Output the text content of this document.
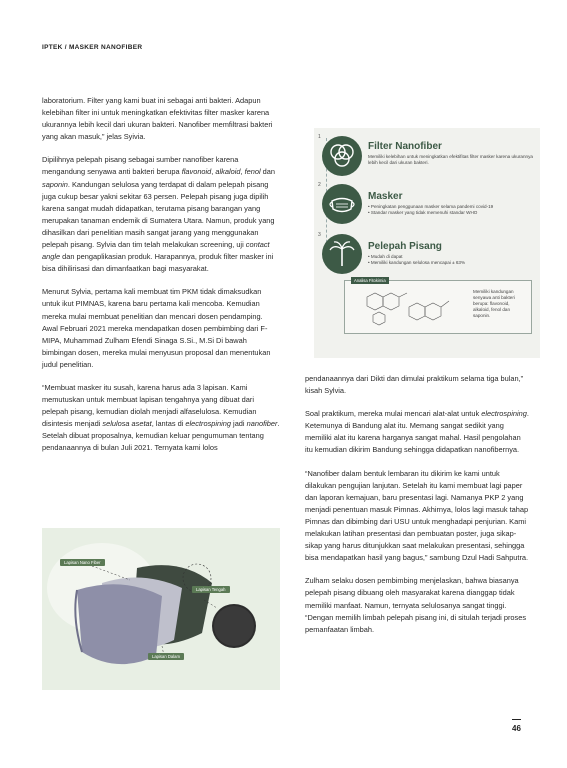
IPTEK / MASKER NANOFIBER

laboratorium. Filter yang kami buat ini sebagai anti bakteri. Adapun kelebihan filter ini untuk meningkatkan efektivitas filter masker karena ukurannya lebih kecil dari ukuran bakteri. Nanofiber memfiltrasi bakteri yang akan masuk,” jelas Syivia.

Dipilihnya pelepah pisang sebagai sumber nanofiber karena mengandung senyawa anti bakteri berupa flavonoid, alkaloid, fenol dan saponin. Kandungan selulosa yang terdapat di dalam pelepah pisang juga cukup besar yakni sekitar 63 persen. Pelepah pisang juga dipilih karena sangat mudah didapatkan, terutama pisang barangan yang merupakan tanaman endemik di Sumatera Utara. Namun, produk yang dihasilkan dari penelitian masih sangat jarang yang menggunakan pelepah pisang. Sylvia dan tim telah melakukan screening, uji contact angle dan pengaplikasian produk. Harapannya, produk filter masker ini bisa dihilirisasi dan dimanfaatkan bagi masyarakat.

Menurut Sylvia, pertama kali membuat tim PKM tidak dimaksudkan untuk ikut PIMNAS, karena baru pertama kali mencoba. Kemudian mereka mulai membuat penelitian dan mencari dosen pendamping. Awal Februari 2021 mereka mendapatkan dosen pembimbing dari F-MIPA, Muhammad Zulham Efendi Sinaga S.Si., M.Si Di bawah bimbingan dosen, mereka mulai menyusun proposal dan menentukan judul penelitian.

“Membuat masker itu susah, karena harus ada 3 lapisan. Kami memutuskan untuk membuat lapisan tengahnya yang dibuat dari pelepah pisang, kemudian diolah menjadi alfaselulosa. Kemudian disintesis menjadi selulosa asetat, lantas di electrospining jadi nanofiber. Setelah dibuat proposalnya, kemudian keluar pengumuman tentang pendanaannya di bulan Juli 2021. Ternyata kami lolos

1
Filter Nanofiber
Memiliki kelebihan untuk meningkatkan efektifitas filter masker karena ukurannya lebih kecil dari ukuran bakteri.
2
Masker
• Peningkatan penggunaan masker selama pandemi covid-19
• Standar masker yang tidak memenuhi standar WHO
3
Pelepah Pisang
• Mudah di dapat
• Memiliki kandungan selulosa mencapai ± 63%
Analisa Fitokimia
Memiliki kandungan senyawa anti bakteri berupa: flavonoid, alkaloid, fenol dan saponin.
Lapisan Nano Fiber
Lapisan Tengah
Lapisan Dalam

pendanaannya dari Dikti dan dimulai praktikum selama tiga bulan,” kisah Sylvia.

Soal praktikum, mereka mulai mencari alat-alat untuk electrospining. Ketemunya di Bandung alat itu. Memang sangat sedikit yang memiliki alat itu karena harganya sangat mahal. Hasil pengolahan itu kemudian dikirim Bandung sehingga didapatkan nanofibernya.

“Nanofiber dalam bentuk lembaran itu dikirim ke kami untuk dilakukan pengujian lanjutan. Setelah itu kami membuat lagi paper dan laporan kemajuan, baru presentasi lagi. Namanya PKP 2 yang menjadi penentuan masuk Pimnas. Akhirnya, lolos lagi masuk tahap Pimnas dan dibimbing dari USU untuk menghadapi penjurian. Kami melakukan latihan presentasi dan pembuatan poster, juga sikap-sikap yang harus ditunjukkan saat melakukan presentasi, sehingga bisa mendapatkan hasil yang bagus,” sambung Dzul Hadi Sahputra.

Zulham selaku dosen pembimbing menjelaskan, bahwa biasanya pelepah pisang dibuang oleh masyarakat karena dianggap tidak memiliki manfaat. Namun, ternyata selulosanya sangat tinggi. “Dengan memilih limbah pelepah pisang ini, di situlah terjadi proses pemanfaatan limbah.

46
